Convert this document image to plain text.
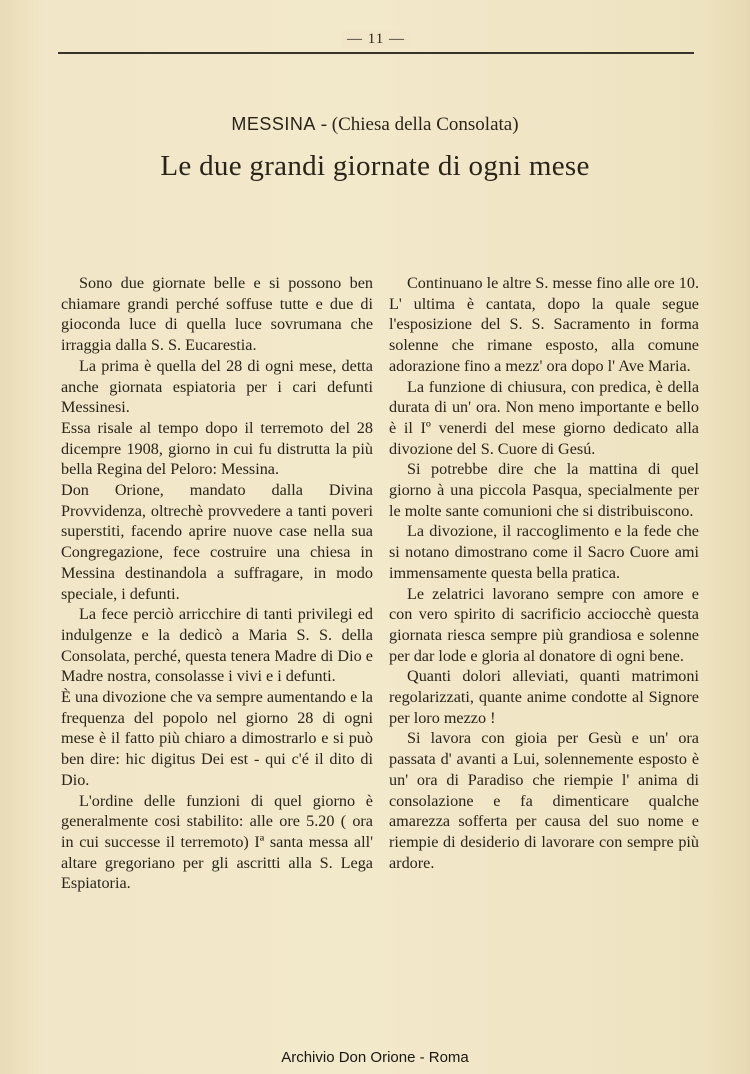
— 11 —
MESSINA - (Chiesa della Consolata)
Le due grandi giornate di ogni mese

Sono due giornate belle e si possono ben chiamare grandi perché soffuse tutte e due di gioconda luce di quella luce sovrumana che irraggia dalla S. S. Eucarestia.

La prima è quella del 28 di ogni mese, detta anche giornata espiatoria per i cari defunti Messinesi.

Essa risale al tempo dopo il terremoto del 28 dicempre 1908, giorno in cui fu distrutta la più bella Regina del Peloro: Messina.

Don Orione, mandato dalla Divina Provvidenza, oltrechè provvedere a tanti poveri superstiti, facendo aprire nuove case nella sua Congregazione, fece costruire una chiesa in Messina destinandola a suffragare, in modo speciale, i defunti.

La fece perciò arricchire di tanti privilegi ed indulgenze e la dedicò a Maria S. S. della Consolata, perché, questa tenera Madre di Dio e Madre nostra, consolasse i vivi e i defunti.

È una divozione che va sempre aumentando e la frequenza del popolo nel giorno 28 di ogni mese è il fatto più chiaro a dimostrarlo e si può ben dire: hic digitus Dei est - qui c'é il dito di Dio.

L'ordine delle funzioni di quel giorno è generalmente cosi stabilito: alle ore 5.20 ( ora in cui successe il terremoto) Iª santa messa all' altare gregoriano per gli ascritti alla S. Lega Espiatoria.

Continuano le altre S. messe fino alle ore 10. L' ultima è cantata, dopo la quale segue l'esposizione del S. S. Sacramento in forma solenne che rimane esposto, alla comune adorazione fino a mezz' ora dopo l' Ave Maria.

La funzione di chiusura, con predica, è della durata di un' ora. Non meno importante e bello è il Iº venerdi del mese giorno dedicato alla divozione del S. Cuore di Gesú.

Si potrebbe dire che la mattina di quel giorno à una piccola Pasqua, specialmente per le molte sante comunioni che si distribuiscono.

La divozione, il raccoglimento e la fede che si notano dimostrano come il Sacro Cuore ami immensamente questa bella pratica.

Le zelatrici lavorano sempre con amore e con vero spirito di sacrificio acciocchè questa giornata riesca sempre più grandiosa e solenne per dar lode e gloria al donatore di ogni bene.

Quanti dolori alleviati, quanti matrimoni regolarizzati, quante anime condotte al Signore per loro mezzo !

Si lavora con gioia per Gesù e un' ora passata d' avanti a Lui, solennemente esposto è un' ora di Paradiso che riempie l' anima di consolazione e fa dimenticare qualche amarezza sofferta per causa del suo nome e riempie di desiderio di lavorare con sempre più ardore.

Archivio Don Orione - Roma
